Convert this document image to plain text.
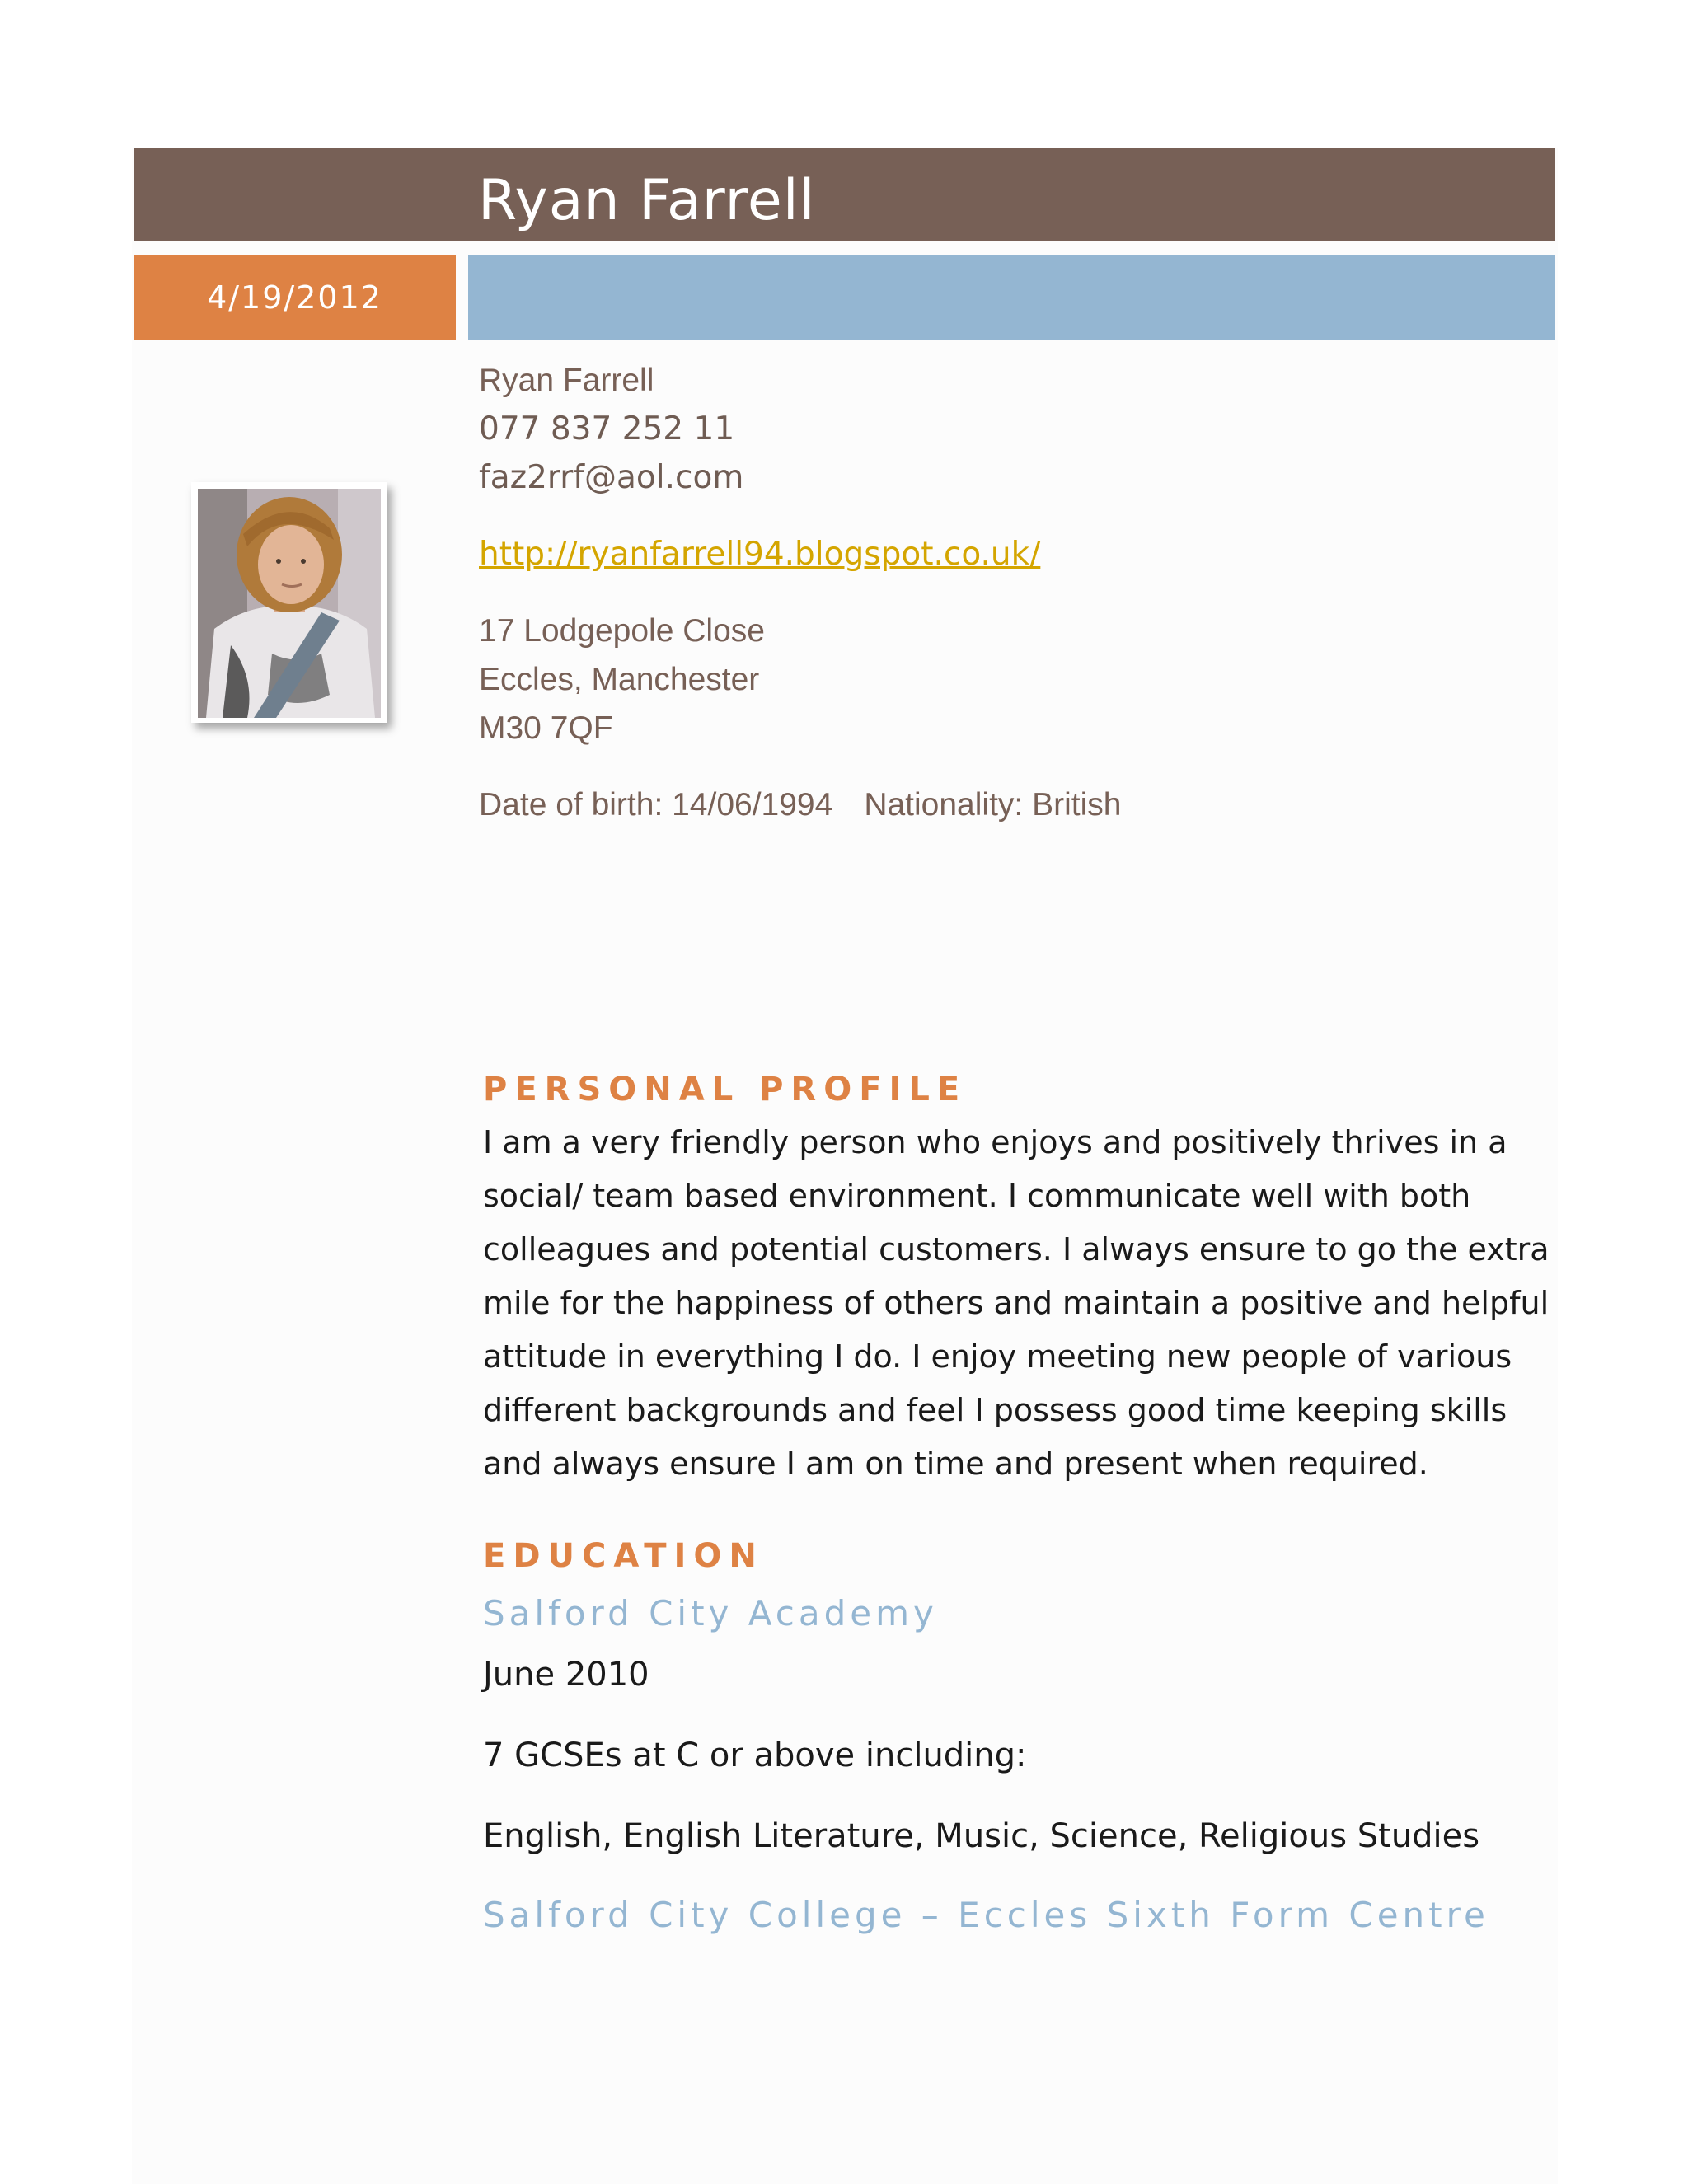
Ryan Farrell
4/19/2012
Ryan Farrell
077 837 252 11
faz2rrf@aol.com
http://ryanfarrell94.blogspot.co.uk/
17 Lodgepole Close
Eccles, Manchester
M30 7QF
Date of birth: 14/06/1994 Nationality: British
PERSONAL PROFILE
I am a very friendly person who enjoys and positively thrives in a
social/ team based environment. I communicate well with both
colleagues and potential customers. I always ensure to go the extra
mile for the happiness of others and maintain a positive and helpful
attitude in everything I do. I enjoy meeting new people of various
different backgrounds and feel I possess good time keeping skills
and always ensure I am on time and present when required.
EDUCATION
Salford City Academy
June 2010
7 GCSEs at C or above including:
English, English Literature, Music, Science, Religious Studies
Salford City College – Eccles Sixth Form Centre
